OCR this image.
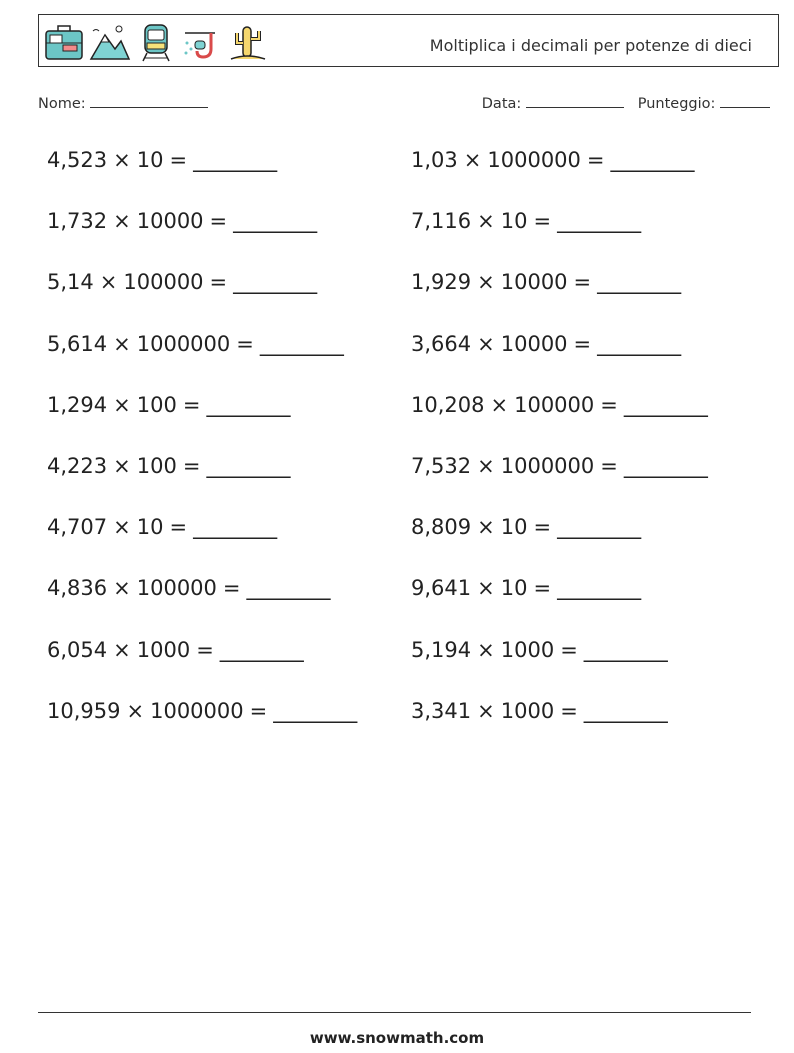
Moltiplica i decimali per potenze di dieci
Nome:	Data:	Punteggio:
4,523 × 10 = ________	1,03 × 1000000 = ________
1,732 × 10000 = ________	7,116 × 10 = ________
5,14 × 100000 = ________	1,929 × 10000 = ________
5,614 × 1000000 = ________	3,664 × 10000 = ________
1,294 × 100 = ________	10,208 × 100000 = ________
4,223 × 100 = ________	7,532 × 1000000 = ________
4,707 × 10 = ________	8,809 × 10 = ________
4,836 × 100000 = ________	9,641 × 10 = ________
6,054 × 1000 = ________	5,194 × 1000 = ________
10,959 × 1000000 = ________	3,341 × 1000 = ________
www.snowmath.com
